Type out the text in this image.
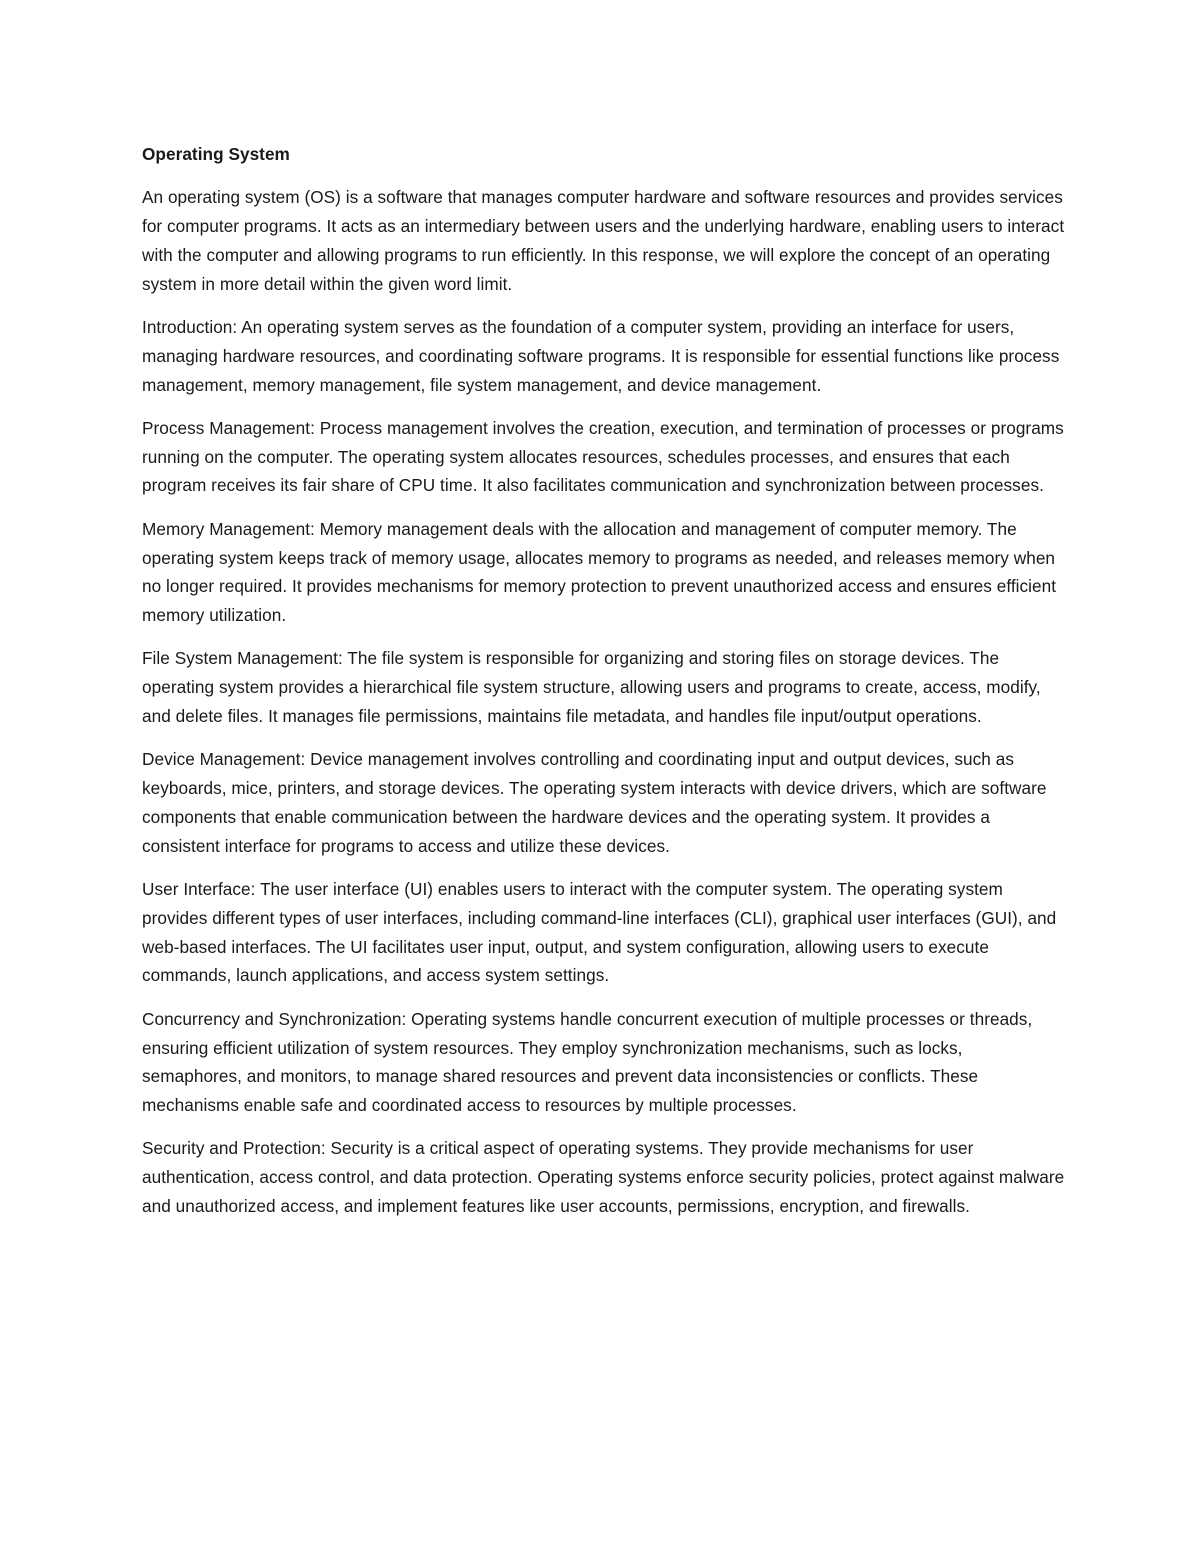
Operating System

An operating system (OS) is a software that manages computer hardware and software resources and provides services for computer programs. It acts as an intermediary between users and the underlying hardware, enabling users to interact with the computer and allowing programs to run efficiently. In this response, we will explore the concept of an operating system in more detail within the given word limit.

Introduction: An operating system serves as the foundation of a computer system, providing an interface for users, managing hardware resources, and coordinating software programs. It is responsible for essential functions like process management, memory management, file system management, and device management.

Process Management: Process management involves the creation, execution, and termination of processes or programs running on the computer. The operating system allocates resources, schedules processes, and ensures that each program receives its fair share of CPU time. It also facilitates communication and synchronization between processes.

Memory Management: Memory management deals with the allocation and management of computer memory. The operating system keeps track of memory usage, allocates memory to programs as needed, and releases memory when no longer required. It provides mechanisms for memory protection to prevent unauthorized access and ensures efficient memory utilization.

File System Management: The file system is responsible for organizing and storing files on storage devices. The operating system provides a hierarchical file system structure, allowing users and programs to create, access, modify, and delete files. It manages file permissions, maintains file metadata, and handles file input/output operations.

Device Management: Device management involves controlling and coordinating input and output devices, such as keyboards, mice, printers, and storage devices. The operating system interacts with device drivers, which are software components that enable communication between the hardware devices and the operating system. It provides a consistent interface for programs to access and utilize these devices.

User Interface: The user interface (UI) enables users to interact with the computer system. The operating system provides different types of user interfaces, including command-line interfaces (CLI), graphical user interfaces (GUI), and web-based interfaces. The UI facilitates user input, output, and system configuration, allowing users to execute commands, launch applications, and access system settings.

Concurrency and Synchronization: Operating systems handle concurrent execution of multiple processes or threads, ensuring efficient utilization of system resources. They employ synchronization mechanisms, such as locks, semaphores, and monitors, to manage shared resources and prevent data inconsistencies or conflicts. These mechanisms enable safe and coordinated access to resources by multiple processes.

Security and Protection: Security is a critical aspect of operating systems. They provide mechanisms for user authentication, access control, and data protection. Operating systems enforce security policies, protect against malware and unauthorized access, and implement features like user accounts, permissions, encryption, and firewalls.
